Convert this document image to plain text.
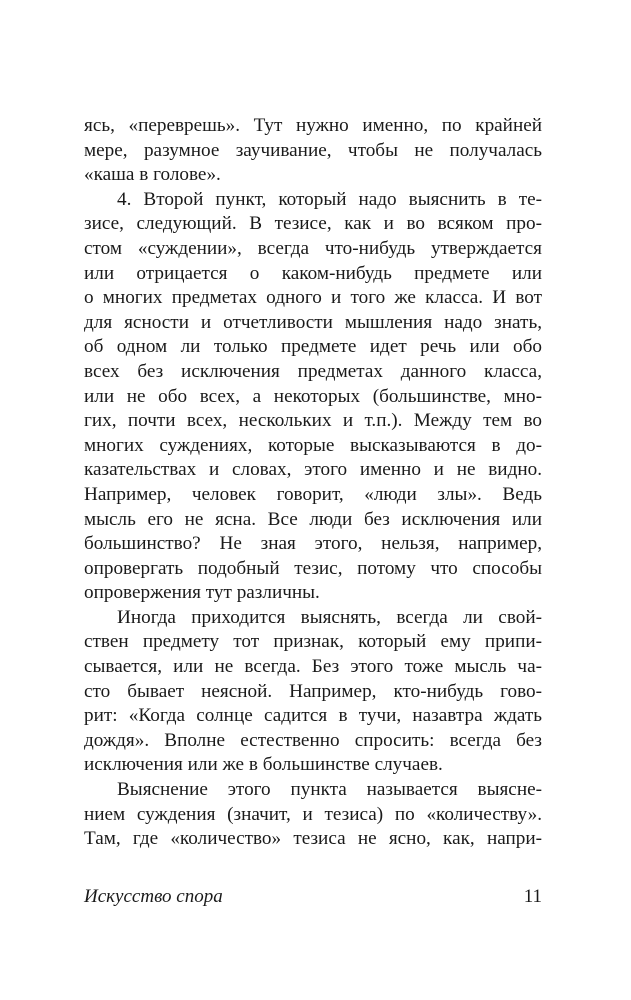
ясь, «переврешь». Тут нужно именно, по крайней
мере, разумное заучивание, чтобы не получалась
«каша в голове».
4. Второй пункт, который надо выяснить в те-
зисе, следующий. В тезисе, как и во всяком про-
стом «суждении», всегда что-нибудь утверждается
или отрицается о каком-нибудь предмете или
о многих предметах одного и того же класса. И вот
для ясности и отчетливости мышления надо знать,
об одном ли только предмете идет речь или обо
всех без исключения предметах данного класса,
или не обо всех, а некоторых (большинстве, мно-
гих, почти всех, нескольких и т.п.). Между тем во
многих суждениях, которые высказываются в до-
казательствах и словах, этого именно и не видно.
Например, человек говорит, «люди злы». Ведь
мысль его не ясна. Все люди без исключения или
большинство? Не зная этого, нельзя, например,
опровергать подобный тезис, потому что способы
опровержения тут различны.
Иногда приходится выяснять, всегда ли свой-
ствен предмету тот признак, который ему припи-
сывается, или не всегда. Без этого тоже мысль ча-
сто бывает неясной. Например, кто-нибудь гово-
рит: «Когда солнце садится в тучи, назавтра ждать
дождя». Вполне естественно спросить: всегда без
исключения или же в большинстве случаев.
Выяснение этого пункта называется выяснe-
нием суждения (значит, и тезиса) по «количеству».
Там, где «количество» тезиса не ясно, как, напри-
Искусство спора	11
